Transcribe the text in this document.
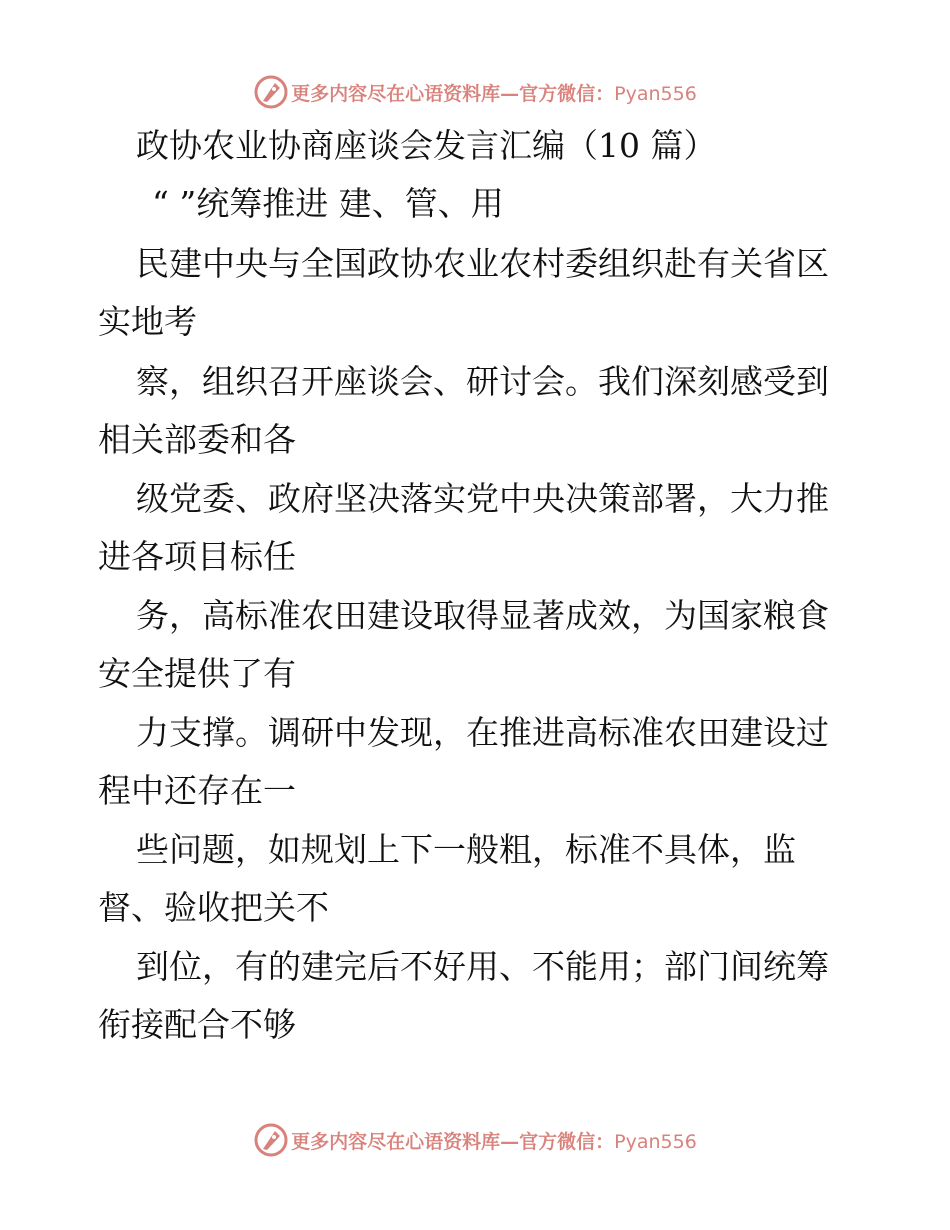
更多内容尽在心语资料库—官方微信：Pyan556
政协农业协商座谈会发言汇编（10 篇）
“ ”统筹推进 建、管、用
民建中央与全国政协农业农村委组织赴有关省区
实地考
察，组织召开座谈会、研讨会。我们深刻感受到
相关部委和各
级党委、政府坚决落实党中央决策部署，大力推
进各项目标任
务，高标准农田建设取得显著成效，为国家粮食
安全提供了有
力支撑。调研中发现，在推进高标准农田建设过
程中还存在一
些问题，如规划上下一般粗，标准不具体，监
督、验收把关不
到位，有的建完后不好用、不能用；部门间统筹
衔接配合不够
更多内容尽在心语资料库—官方微信：Pyan556
